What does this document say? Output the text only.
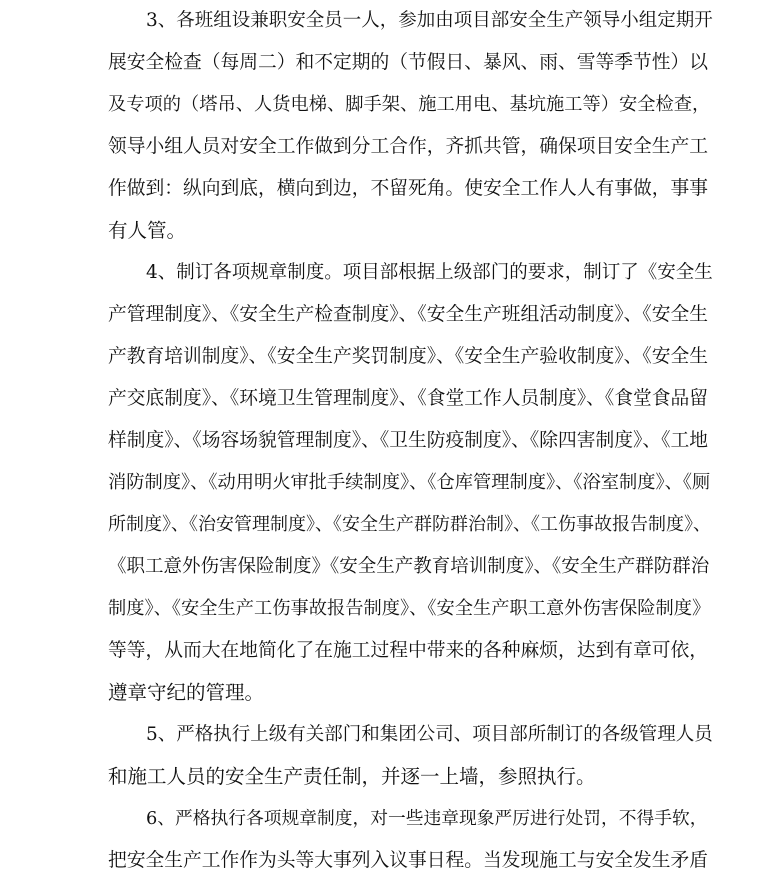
3、各班组设兼职安全员一人，参加由项目部安全生产领导小组定期开
展安全检查（每周二）和不定期的（节假日、暴风、雨、雪等季节性）以
及专项的（塔吊、人货电梯、脚手架、施工用电、基坑施工等）安全检查，
领导小组人员对安全工作做到分工合作，齐抓共管，确保项目安全生产工
作做到：纵向到底，横向到边，不留死角。使安全工作人人有事做，事事
有人管。
4、制订各项规章制度。项目部根据上级部门的要求，制订了《安全生
产管理制度》、《安全生产检查制度》、《安全生产班组活动制度》、《安全生
产教育培训制度》、《安全生产奖罚制度》、《安全生产验收制度》、《安全生
产交底制度》、《环境卫生管理制度》、《食堂工作人员制度》、《食堂食品留
样制度》、《场容场貌管理制度》、《卫生防疫制度》、《除四害制度》、《工地
消防制度》、《动用明火审批手续制度》、《仓库管理制度》、《浴室制度》、《厕
所制度》、《治安管理制度》、《安全生产群防群治制》、《工伤事故报告制度》、
《职工意外伤害保险制度》《安全生产教育培训制度》、《安全生产群防群治
制度》、《安全生产工伤事故报告制度》、《安全生产职工意外伤害保险制度》
等等，从而大在地简化了在施工过程中带来的各种麻烦，达到有章可依，
遵章守纪的管理。
5、严格执行上级有关部门和集团公司、项目部所制订的各级管理人员
和施工人员的安全生产责任制，并逐一上墙，参照执行。
6、严格执行各项规章制度，对一些违章现象严厉进行处罚，不得手软，
把安全生产工作作为头等大事列入议事日程。当发现施工与安全发生矛盾
